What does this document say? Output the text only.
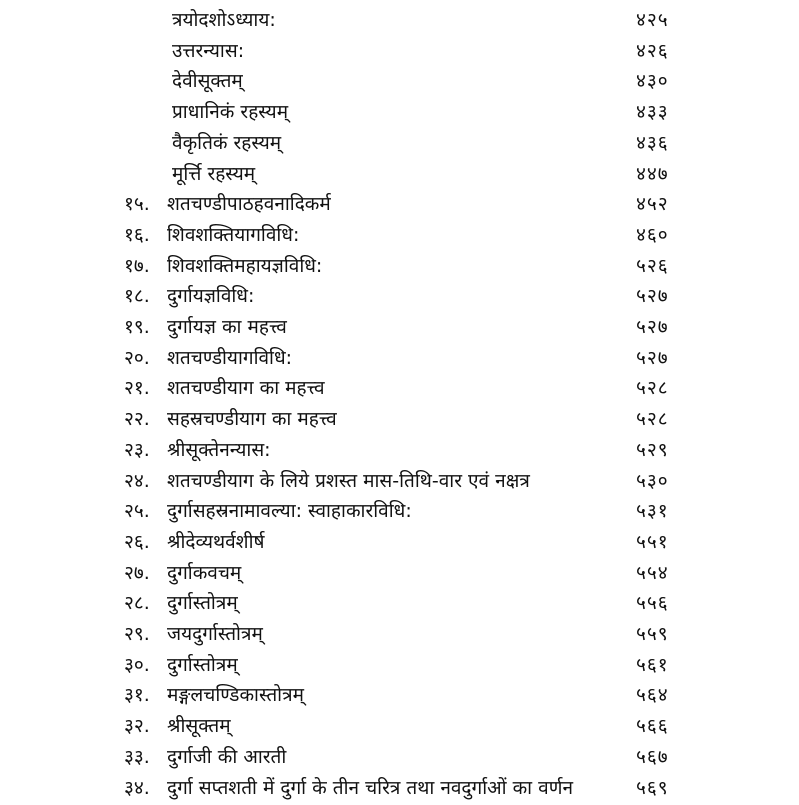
त्रयोदशोऽध्याय:	४२५
उत्तरन्यास:	४२६
देवीसूक्तम्	४३०
प्राधानिकं रहस्यम्	४३३
वैकृतिकं रहस्यम्	४३६
मूर्त्ति रहस्यम्	४४७
१५. शतचण्डीपाठहवनादिकर्म	४५२
१६. शिवशक्तियागविधि:	४६०
१७. शिवशक्तिमहायज्ञविधि:	५२६
१८. दुर्गायज्ञविधि:	५२७
१९. दुर्गायज्ञ का महत्त्व	५२७
२०. शतचण्डीयागविधि:	५२७
२१. शतचण्डीयाग का महत्त्व	५२८
२२. सहस्रचण्डीयाग का महत्त्व	५२८
२३. श्रीसूक्तेनन्यास:	५२९
२४. शतचण्डीयाग के लिये प्रशस्त मास-तिथि-वार एवं नक्षत्र	५३०
२५. दुर्गासहस्रनामावल्या: स्वाहाकारविधि:	५३१
२६. श्रीदेव्यथर्वशीर्ष	५५१
२७. दुर्गाकवचम्	५५४
२८. दुर्गास्तोत्रम्	५५६
२९. जयदुर्गास्तोत्रम्	५५९
३०. दुर्गास्तोत्रम्	५६१
३१. मङ्गलचण्डिकास्तोत्रम्	५६४
३२. श्रीसूक्तम्	५६६
३३. दुर्गाजी की आरती	५६७
३४. दुर्गा सप्तशती में दुर्गा के तीन चरित्र तथा नवदुर्गाओं का वर्णन	५६९
